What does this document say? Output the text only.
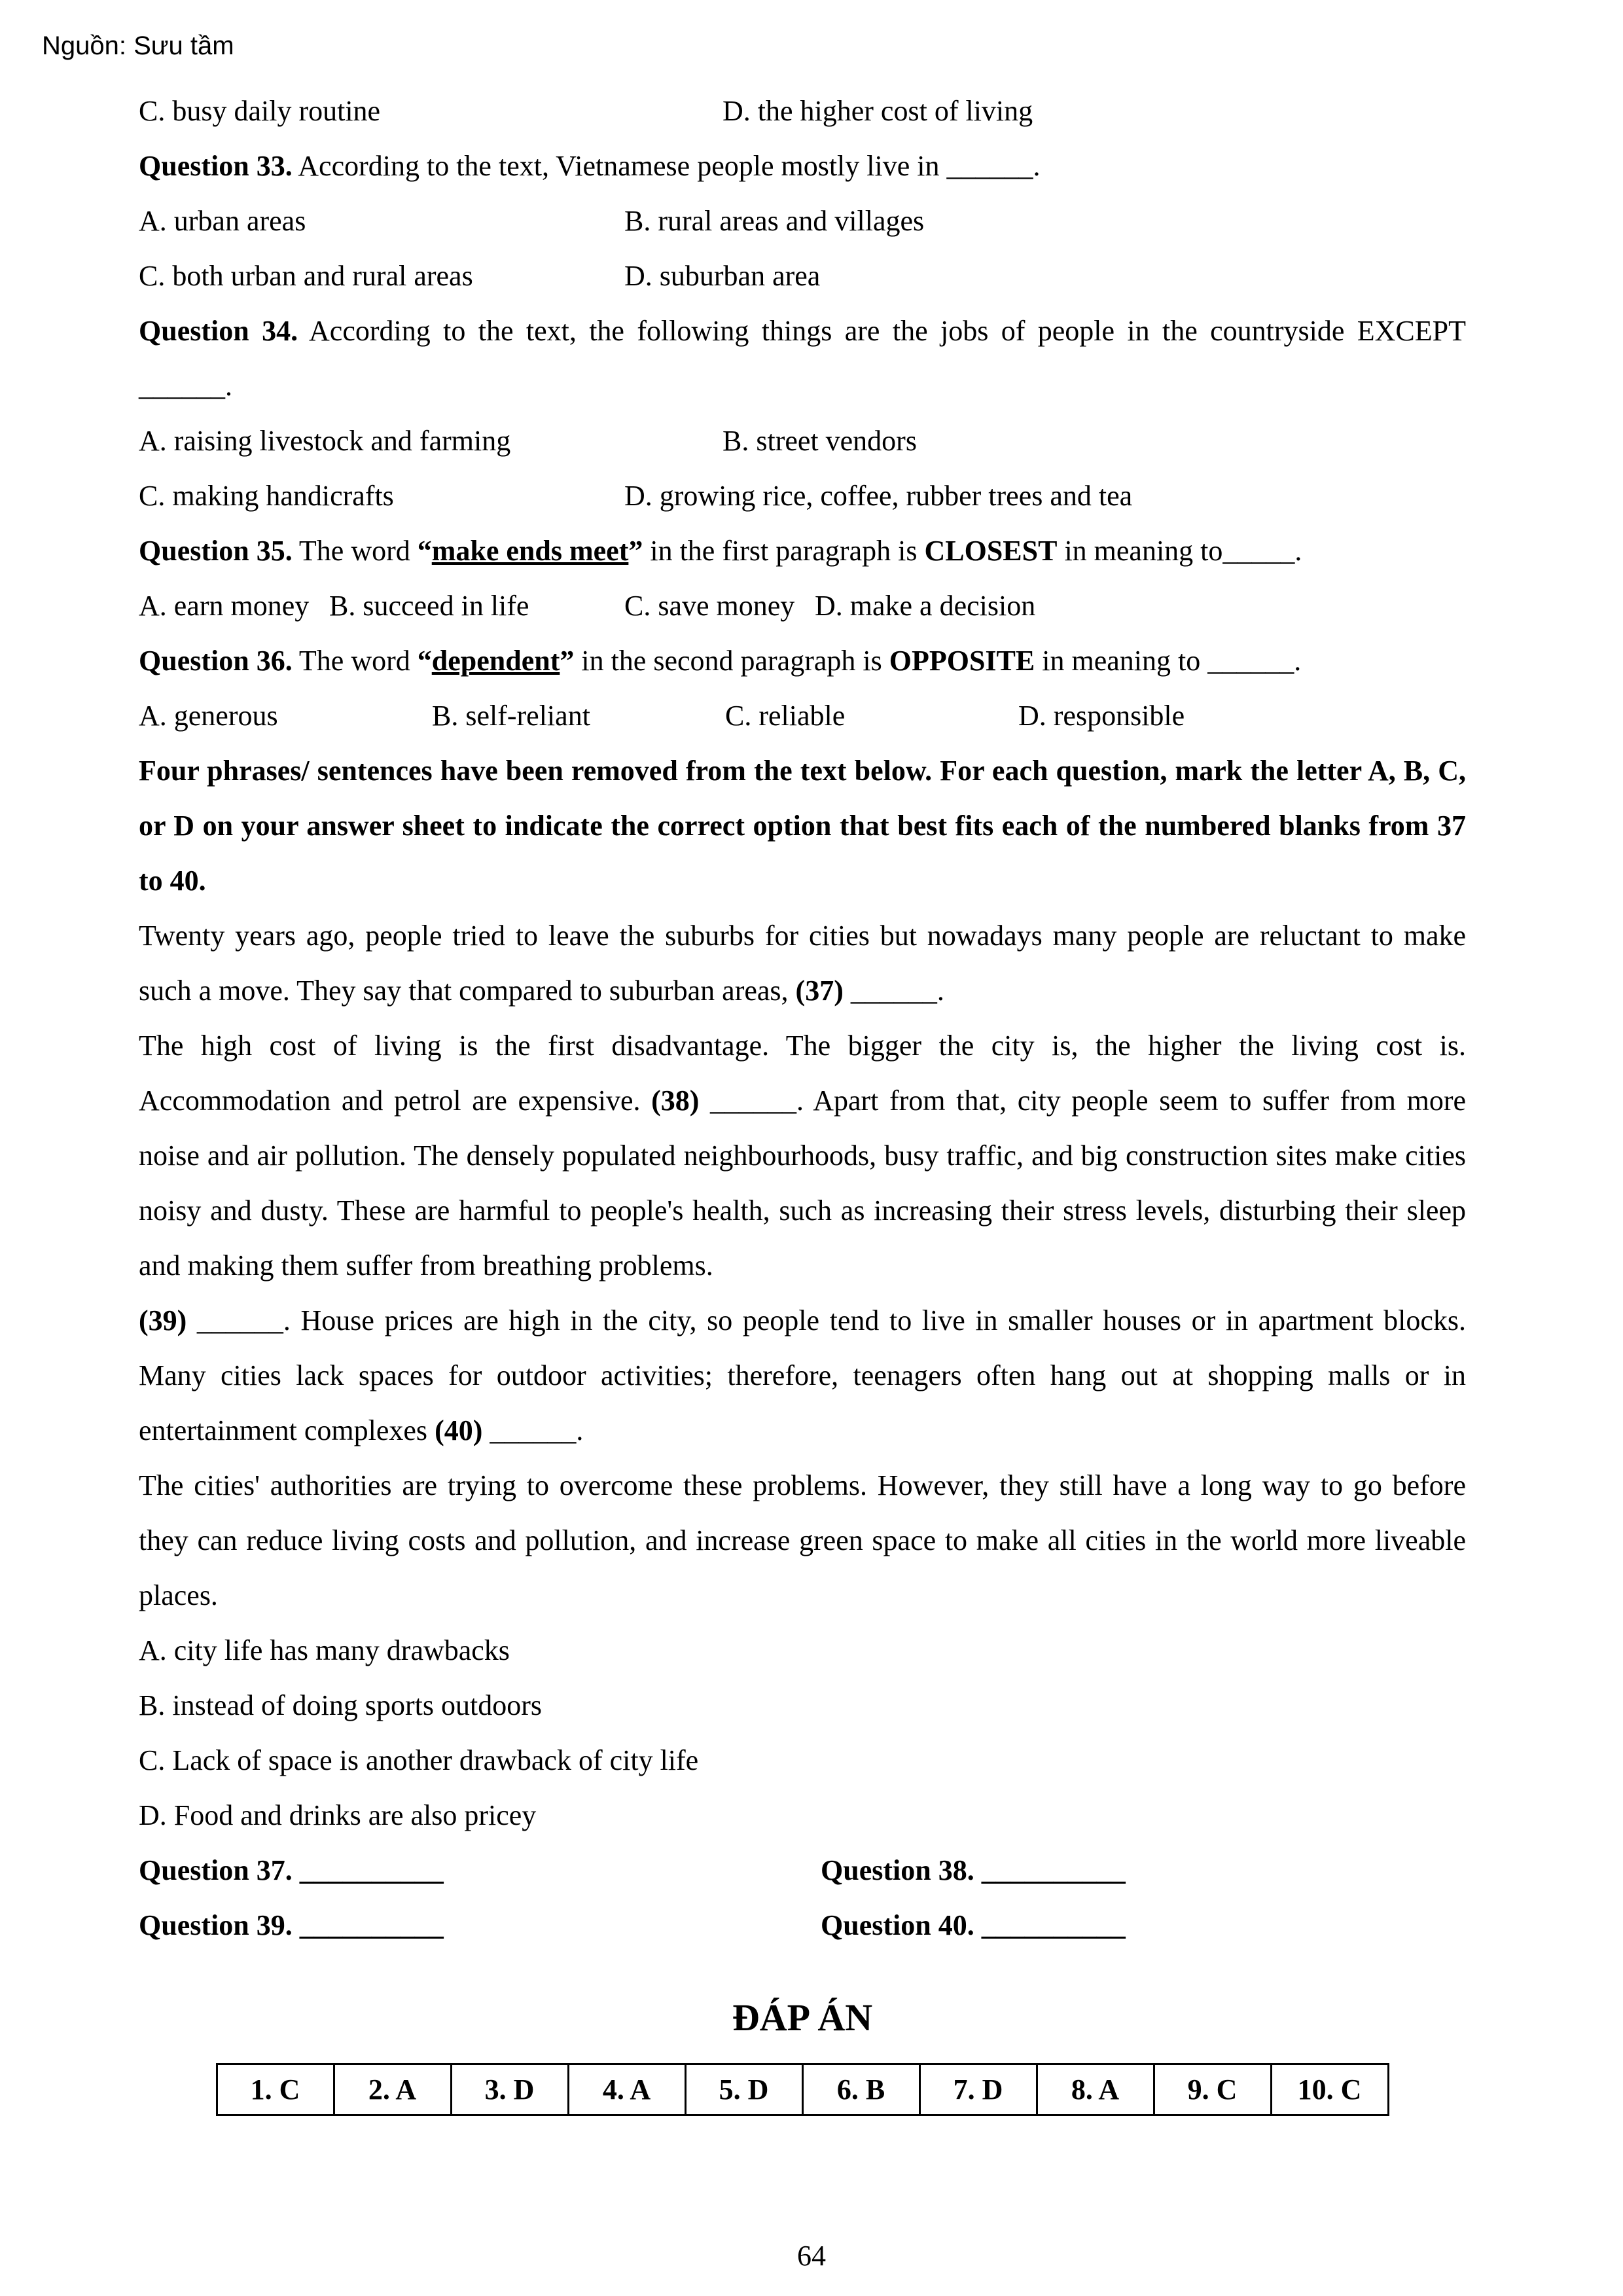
Nguồn: Sưu tầm
C. busy daily routine	D. the higher cost of living

Question 33. According to the text, Vietnamese people mostly live in ______.

A. urban areas	B. rural areas and villages
C. both urban and rural areas	D. suburban area

Question 34. According to the text, the following things are the jobs of people in the countryside EXCEPT ______.

A. raising livestock and farming	B. street vendors
C. making handicrafts	D. growing rice, coffee, rubber trees and tea

Question 35. The word “make ends meet” in the first paragraph is CLOSEST in meaning to_____.

A. earn money B. succeed in life	C. save money D. make a decision

Question 36. The word “dependent” in the second paragraph is OPPOSITE in meaning to ______.

A. generous	B. self-reliant	C. reliable	D. responsible

Four phrases/ sentences have been removed from the text below. For each question, mark the letter A, B, C, or D on your answer sheet to indicate the correct option that best fits each of the numbered blanks from 37 to 40.

Twenty years ago, people tried to leave the suburbs for cities but nowadays many people are reluctant to make such a move. They say that compared to suburban areas, (37) ______.

The high cost of living is the first disadvantage. The bigger the city is, the higher the living cost is. Accommodation and petrol are expensive. (38) ______. Apart from that, city people seem to suffer from more noise and air pollution. The densely populated neighbourhoods, busy traffic, and big construction sites make cities noisy and dusty. These are harmful to people's health, such as increasing their stress levels, disturbing their sleep and making them suffer from breathing problems.

(39) ______. House prices are high in the city, so people tend to live in smaller houses or in apartment blocks. Many cities lack spaces for outdoor activities; therefore, teenagers often hang out at shopping malls or in entertainment complexes (40) ______.

The cities' authorities are trying to overcome these problems. However, they still have a long way to go before they can reduce living costs and pollution, and increase green space to make all cities in the world more liveable places.

A. city life has many drawbacks

B. instead of doing sports outdoors

C. Lack of space is another drawback of city life

D. Food and drinks are also pricey

Question 37. __________	Question 38. __________
Question 39. __________	Question 40. __________
ĐÁP ÁN
1. C	2. A	3. D	4. A	5. D	6. B	7. D	8. A	9. C	10. C
64
